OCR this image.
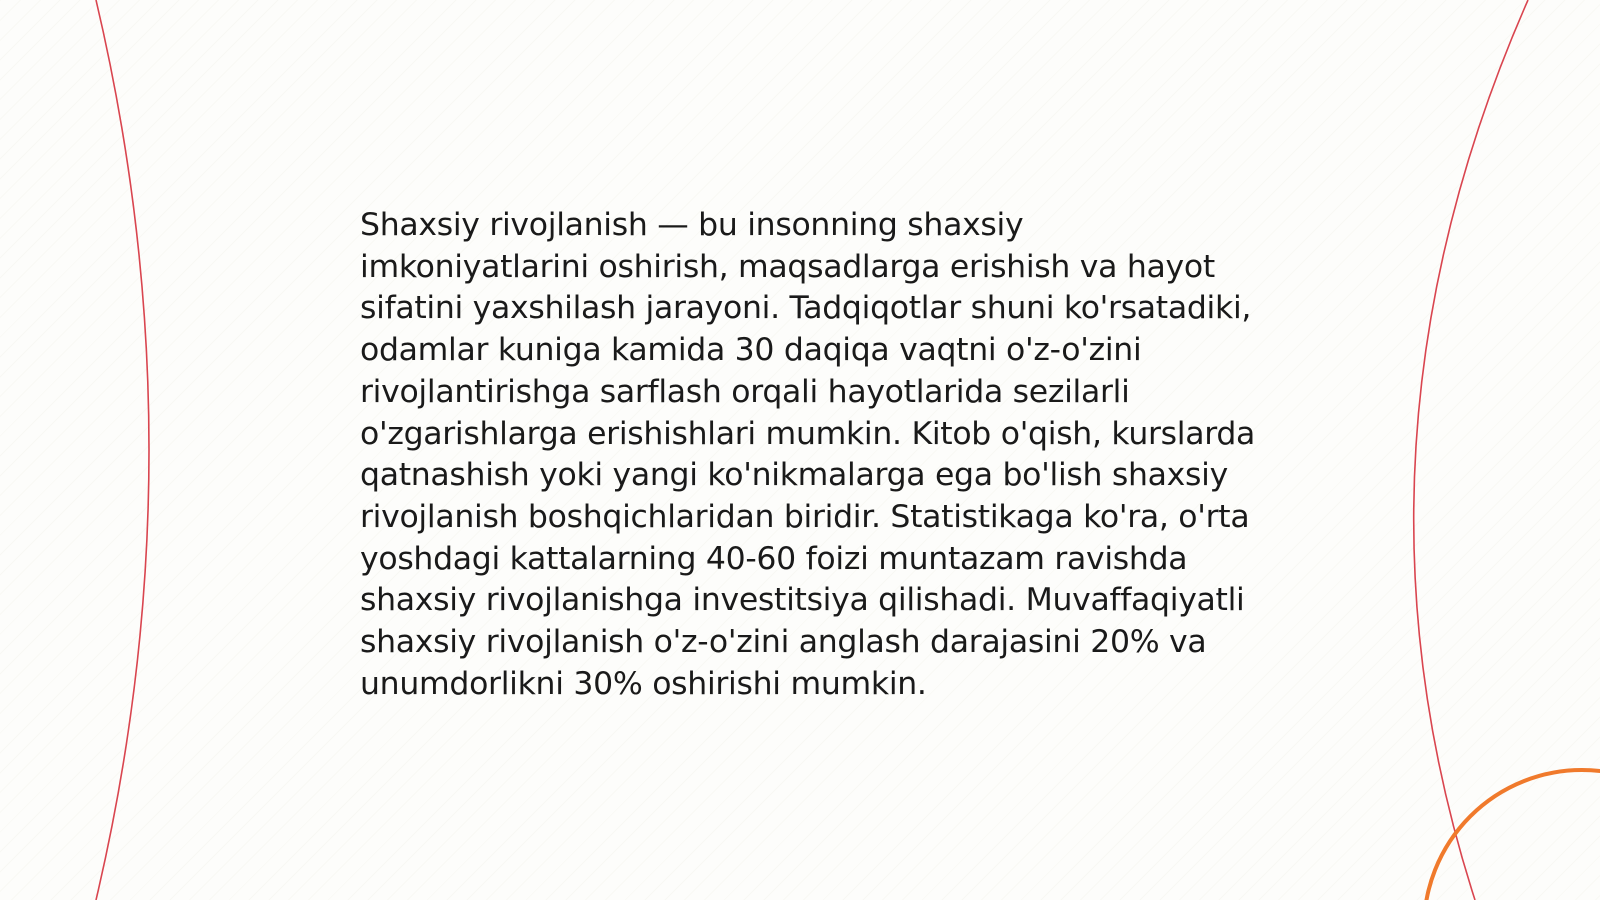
Shaxsiy rivojlanish — bu insonning shaxsiy imkoniyatlarini oshirish, maqsadlarga erishish va hayot sifatini yaxshilash jarayoni. Tadqiqotlar shuni ko'rsatadiki, odamlar kuniga kamida 30 daqiqa vaqtni o'z-o'zini rivojlantirishga sarflash orqali hayotlarida sezilarli o'zgarishlarga erishishlari mumkin. Kitob o'qish, kurslarda qatnashish yoki yangi ko'nikmalarga ega bo'lish shaxsiy rivojlanish boshqichlaridan biridir. Statistikaga ko'ra, o'rta yoshdagi kattalarning 40-60 foizi muntazam ravishda shaxsiy rivojlanishga investitsiya qilishadi. Muvaffaqiyatli shaxsiy rivojlanish o'z-o'zini anglash darajasini 20% va unumdorlikni 30% oshirishi mumkin.
